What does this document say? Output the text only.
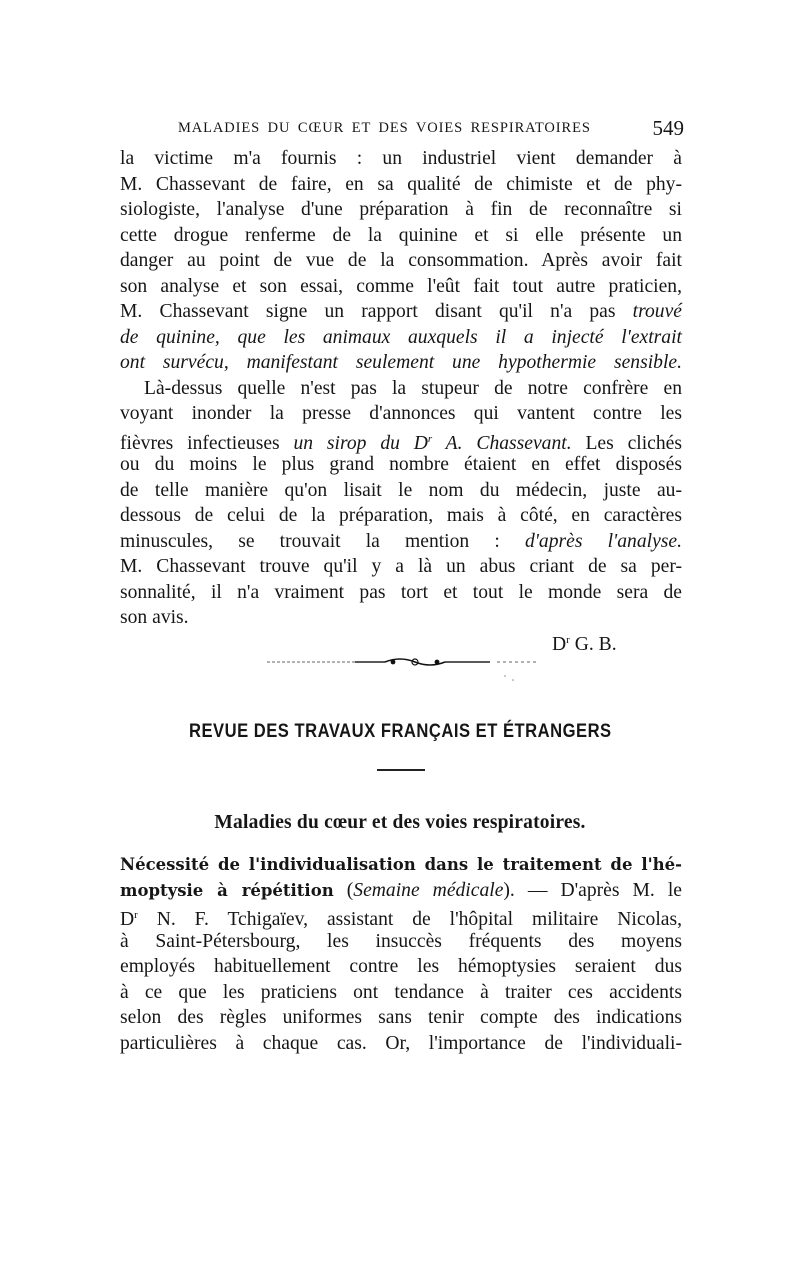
MALADIES DU CŒUR ET DES VOIES RESPIRATOIRES	549

la victime m'a fournis : un industriel vient demander à

M. Chassevant de faire, en sa qualité de chimiste et de phy-

siologiste, l'analyse d'une préparation à fin de reconnaître si

cette drogue renferme de la quinine et si elle présente un

danger au point de vue de la consommation. Après avoir fait

son analyse et son essai, comme l'eût fait tout autre praticien,

M. Chassevant signe un rapport disant qu'il n'a pas trouvé

de quinine, que les animaux auxquels il a injecté l'extrait

ont survécu, manifestant seulement une hypothermie sensible.

Là-dessus quelle n'est pas la stupeur de notre confrère en

voyant inonder la presse d'annonces qui vantent contre les

fièvres infectieuses un sirop du $D^r$ A. Chassevant. Les clichés

ou du moins le plus grand nombre étaient en effet disposés

de telle manière qu'on lisait le nom du médecin, juste au-

dessous de celui de la préparation, mais à côté, en caractères

minuscules, se trouvait la mention : d'après l'analyse.

M. Chassevant trouve qu'il y a là un abus criant de sa per-

sonnalité, il n'a vraiment pas tort et tout le monde sera de

son avis.

$D^r$ G. B.
REVUE DES TRAVAUX FRANÇAIS ET ÉTRANGERS
Maladies du cœur et des voies respiratoires.

Nécessité de l'individualisation dans le traitement de l'hé-

moptysie à répétition (Semaine médicale). — D'après M. le

$D^r$ N. F. Tchigaïev, assistant de l'hôpital militaire Nicolas,

à Saint-Pétersbourg, les insuccès fréquents des moyens

employés habituellement contre les hémoptysies seraient dus

à ce que les praticiens ont tendance à traiter ces accidents

selon des règles uniformes sans tenir compte des indications

particulières à chaque cas. Or, l'importance de l'individuali-
